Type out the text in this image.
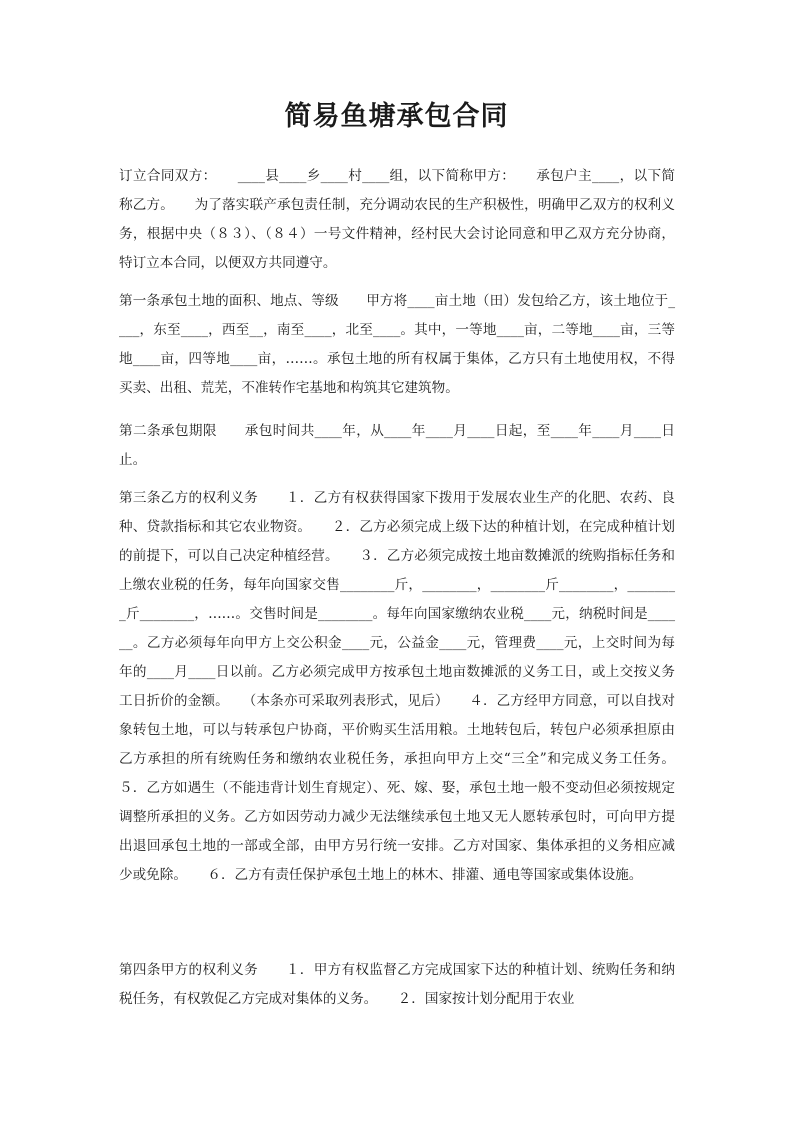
简易鱼塘承包合同

订立合同双方：　　____县____乡____村____组，以下简称甲方：　　承包户主____，以下简称乙方。　　为了落实联产承包责任制，充分调动农民的生产积极性，明确甲乙双方的权利义务，根据中央（８３）、（８４）一号文件精神，经村民大会讨论同意和甲乙双方充分协商，特订立本合同，以便双方共同遵守。

第一条承包土地的面积、地点、等级　　甲方将____亩土地（田）发包给乙方，该土地位于____，东至____，西至__，南至____，北至____。其中，一等地____亩，二等地____亩，三等地____亩，四等地____亩，……。承包土地的所有权属于集体，乙方只有土地使用权，不得买卖、出租、荒芜，不准转作宅基地和构筑其它建筑物。

第二条承包期限　　承包时间共____年，从____年____月____日起，至____年____月____日止。

第三条乙方的权利义务　　１．乙方有权获得国家下拨用于发展农业生产的化肥、农药、良种、贷款指标和其它农业物资。　　２．乙方必须完成上级下达的种植计划，在完成种植计划的前提下，可以自己决定种植经营。　　３．乙方必须完成按土地亩数摊派的统购指标任务和上缴农业税的任务，每年向国家交售________斤，________，________斤________，________斤________，……。交售时间是________。每年向国家缴纳农业税____元，纳税时间是______。乙方必须每年向甲方上交公积金____元，公益金____元，管理费____元，上交时间为每年的____月____日以前。乙方必须完成甲方按承包土地亩数摊派的义务工日，或上交按义务工日折价的金额。　　（本条亦可采取列表形式，见后）　　４．乙方经甲方同意，可以自找对象转包土地，可以与转承包户协商，平价购买生活用粮。土地转包后，转包户必须承担原由乙方承担的所有统购任务和缴纳农业税任务，承担向甲方上交“三全”和完成义务工任务。５．乙方如遇生（不能违背计划生育规定）、死、嫁、娶，承包土地一般不变动但必须按规定调整所承担的义务。乙方如因劳动力减少无法继续承包土地又无人愿转承包时，可向甲方提出退回承包土地的一部或全部，由甲方另行统一安排。乙方对国家、集体承担的义务相应减少或免除。　　６．乙方有责任保护承包土地上的林木、排灌、通电等国家或集体设施。

第四条甲方的权利义务　　１．甲方有权监督乙方完成国家下达的种植计划、统购任务和纳税任务，有权敦促乙方完成对集体的义务。　　２．国家按计划分配用于农业
